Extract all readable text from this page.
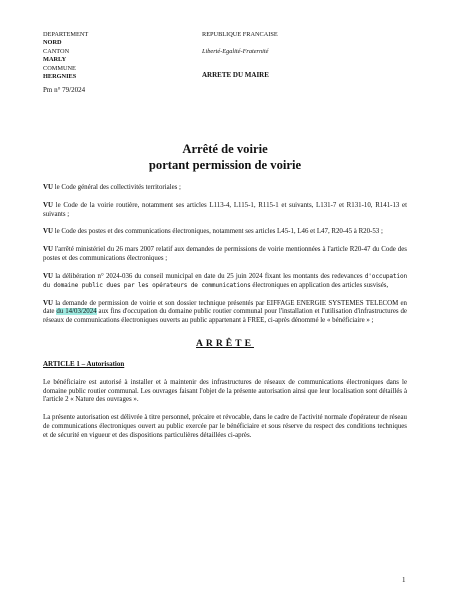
DEPARTEMENT
NORD
CANTON
MARLY
COMMUNE
HERGNIES
REPUBLIQUE FRANCAISE
Liberté-Egalité-Fraternité
ARRETE DU MAIRE
Pm n° 79/2024
Arrêté de voirie
portant permission de voirie

VU le Code général des collectivités territoriales ;

VU le Code de la voirie routière, notamment ses articles L113-4, L115-1, R115-1 et suivants, L131-7 et R131-10, R141-13 et suivants ;

VU le Code des postes et des communications électroniques, notamment ses articles L45-1, L46 et L47, R20-45 à R20-53 ;

VU l'arrêté ministériel du 26 mars 2007 relatif aux demandes de permissions de voirie mentionnées à l'article R20-47 du Code des postes et des communications électroniques ;

VU la délibération n° 2024-036 du conseil municipal en date du 25 juin 2024 fixant les montants des redevances d'occupation du domaine public dues par les opérateurs de communications électroniques en application des articles susvisés,

VU la demande de permission de voirie et son dossier technique présentés par EIFFAGE ENERGIE SYSTEMES TELECOM en date du 14/03/2024 aux fins d'occupation du domaine public routier communal pour l'installation et l'utilisation d'infrastructures de réseaux de communications électroniques ouverts au public appartenant à FREE, ci-après dénommé le « bénéficiaire » ;

ARRÊTE
ARTICLE 1 – Autorisation

Le bénéficiaire est autorisé à installer et à maintenir des infrastructures de réseaux de communications électroniques dans le domaine public routier communal. Les ouvrages faisant l'objet de la présente autorisation ainsi que leur localisation sont détaillés à l'article 2 « Nature des ouvrages ».

La présente autorisation est délivrée à titre personnel, précaire et révocable, dans le cadre de l'activité normale d'opérateur de réseau de communications électroniques ouvert au public exercée par le bénéficiaire et sous réserve du respect des conditions techniques et de sécurité en vigueur et des dispositions particulières détaillées ci-après.

1
